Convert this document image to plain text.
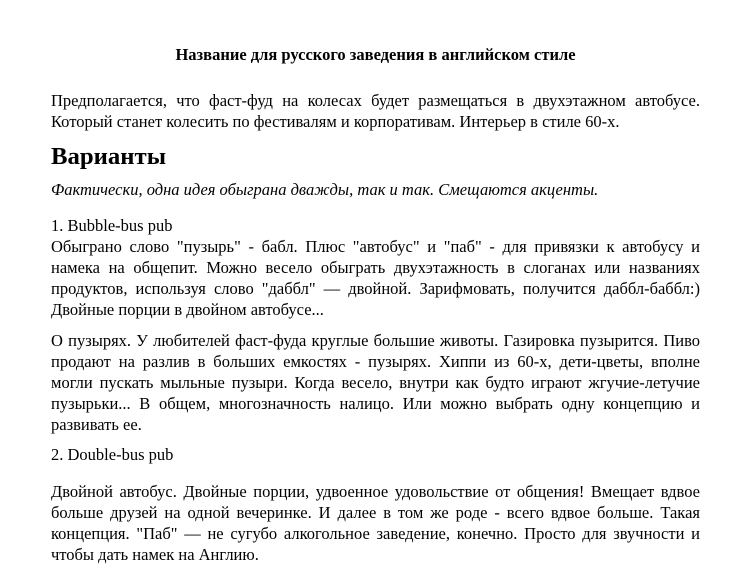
Название для русского заведения в английском стиле

Предполагается, что фаст-фуд на колесах будет размещаться в двухэтажном автобусе. Который станет колесить по фестивалям и корпоративам. Интерьер в стиле 60-х.

Варианты

Фактически, одна идея обыграна дважды, так и так. Смещаются акценты.

1. Bubble-bus pub

Обыграно слово "пузырь" - бабл. Плюс "автобус" и "паб" - для привязки к автобусу и намека на общепит. Можно весело обыграть двухэтажность в слоганах или названиях продуктов, используя слово "даббл" — двойной. Зарифмовать, получится даббл-баббл:) Двойные порции в двойном автобусе...

О пузырях. У любителей фаст-фуда круглые большие животы. Газировка пузырится. Пиво продают на разлив в больших емкостях - пузырях. Хиппи из 60-х, дети-цветы, вполне могли пускать мыльные пузыри. Когда весело, внутри как будто играют жгучие-летучие пузырьки... В общем, многозначность налицо. Или можно выбрать одну концепцию и развивать ее.

2. Double-bus pub

Двойной автобус. Двойные порции, удвоенное удовольствие от общения! Вмещает вдвое больше друзей на одной вечеринке. И далее в том же роде - всего вдвое больше. Такая концепция. "Паб" — не сугубо алкогольное заведение, конечно. Просто для звучности и чтобы дать намек на Англию.
